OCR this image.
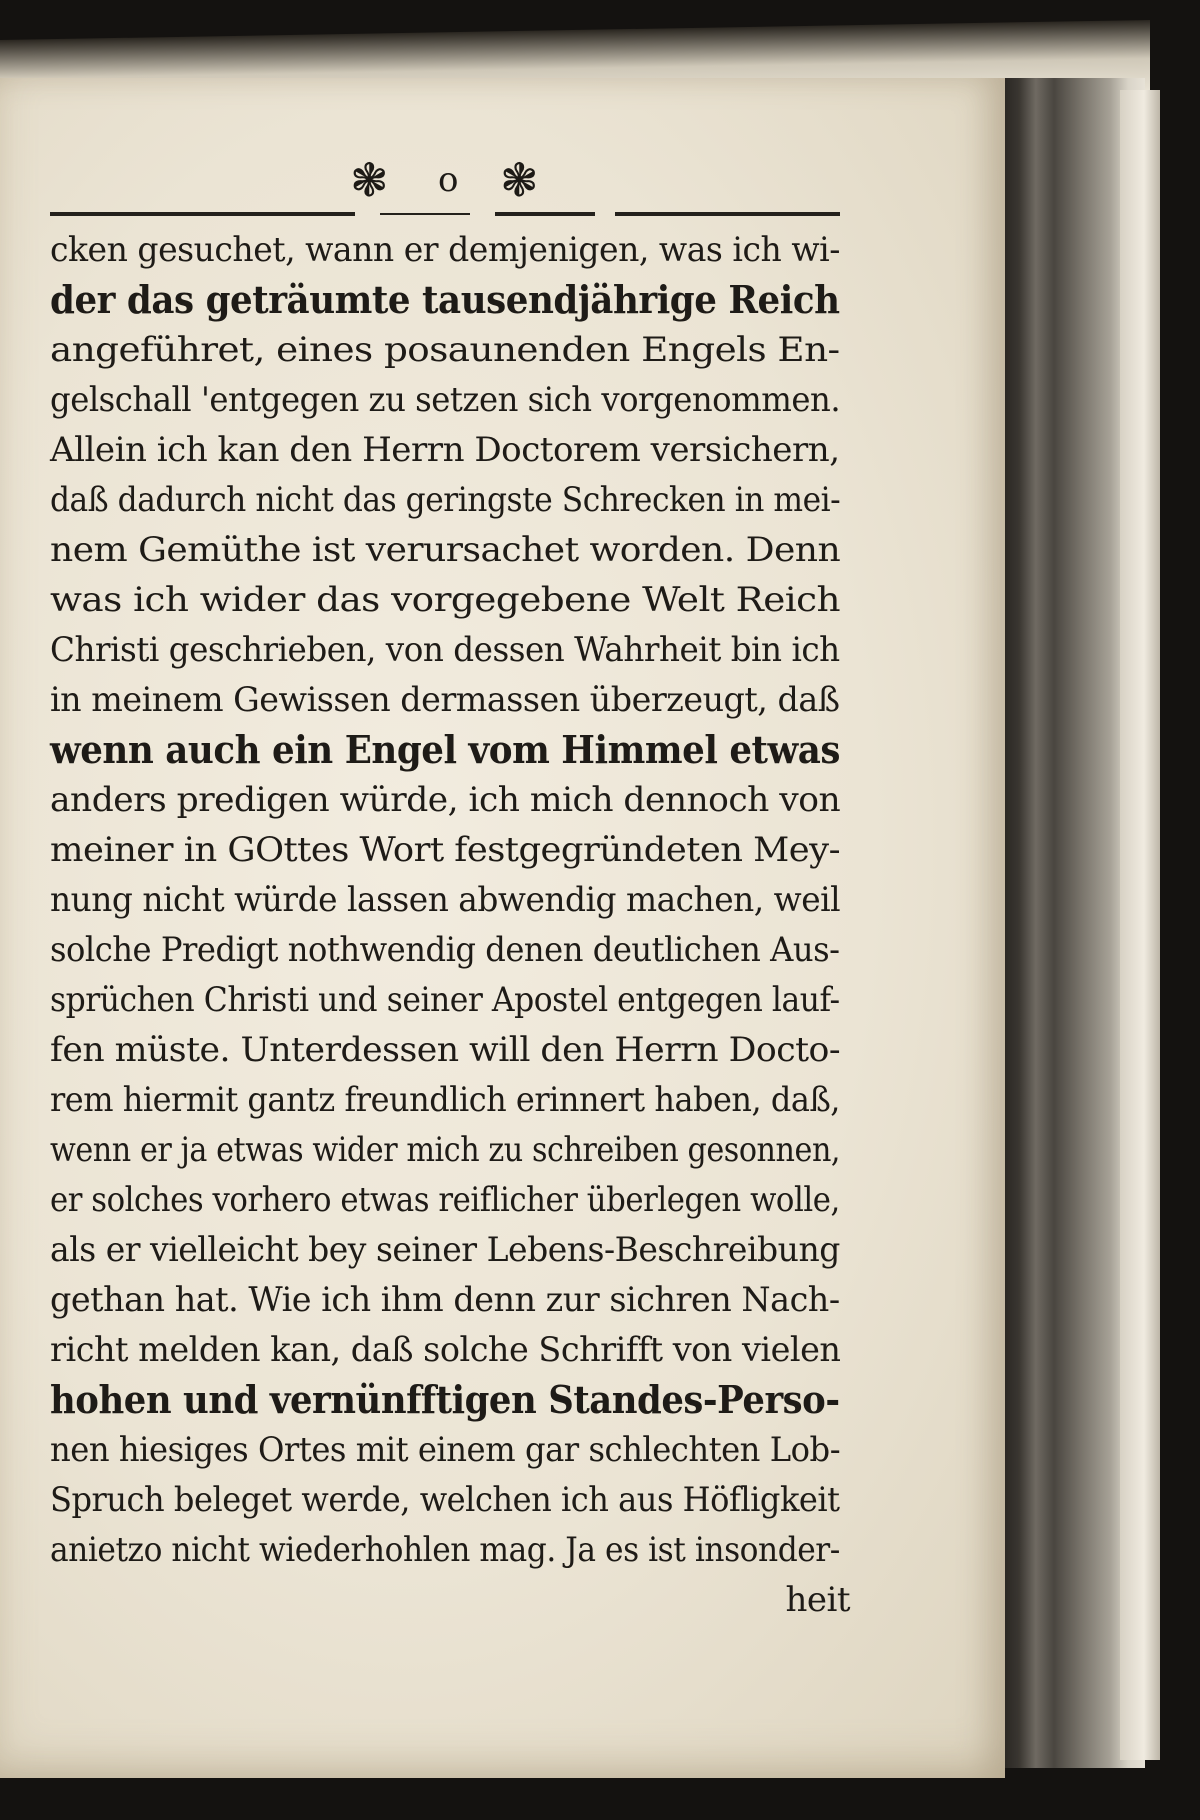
❃ o ❃
cken gesuchet, wann er demjenigen, was ich wi-
der das geträumte tausendjährige Reich
angeführet, eines posaunenden Engels En-
gelschall 'entgegen zu setzen sich vorgenommen.
Allein ich kan den Herrn Doctorem versichern,
daß dadurch nicht das geringste Schrecken in mei-
nem Gemüthe ist verursachet worden. Denn
was ich wider das vorgegebene Welt Reich
Christi geschrieben, von dessen Wahrheit bin ich
in meinem Gewissen dermassen überzeugt, daß
wenn auch ein Engel vom Himmel etwas
anders predigen würde, ich mich dennoch von
meiner in GOttes Wort festgegründeten Mey-
nung nicht würde lassen abwendig machen, weil
solche Predigt nothwendig denen deutlichen Aus-
sprüchen Christi und seiner Apostel entgegen lauf-
fen müste. Unterdessen will den Herrn Docto-
rem hiermit gantz freundlich erinnert haben, daß,
wenn er ja etwas wider mich zu schreiben gesonnen,
er solches vorhero etwas reiflicher überlegen wolle,
als er vielleicht bey seiner Lebens-Beschreibung
gethan hat. Wie ich ihm denn zur sichren Nach-
richt melden kan, daß solche Schrifft von vielen
hohen und vernünfftigen Standes-Perso-
nen hiesiges Ortes mit einem gar schlechten Lob-
Spruch beleget werde, welchen ich aus Höfligkeit
anietzo nicht wiederhohlen mag. Ja es ist insonder-
heit
